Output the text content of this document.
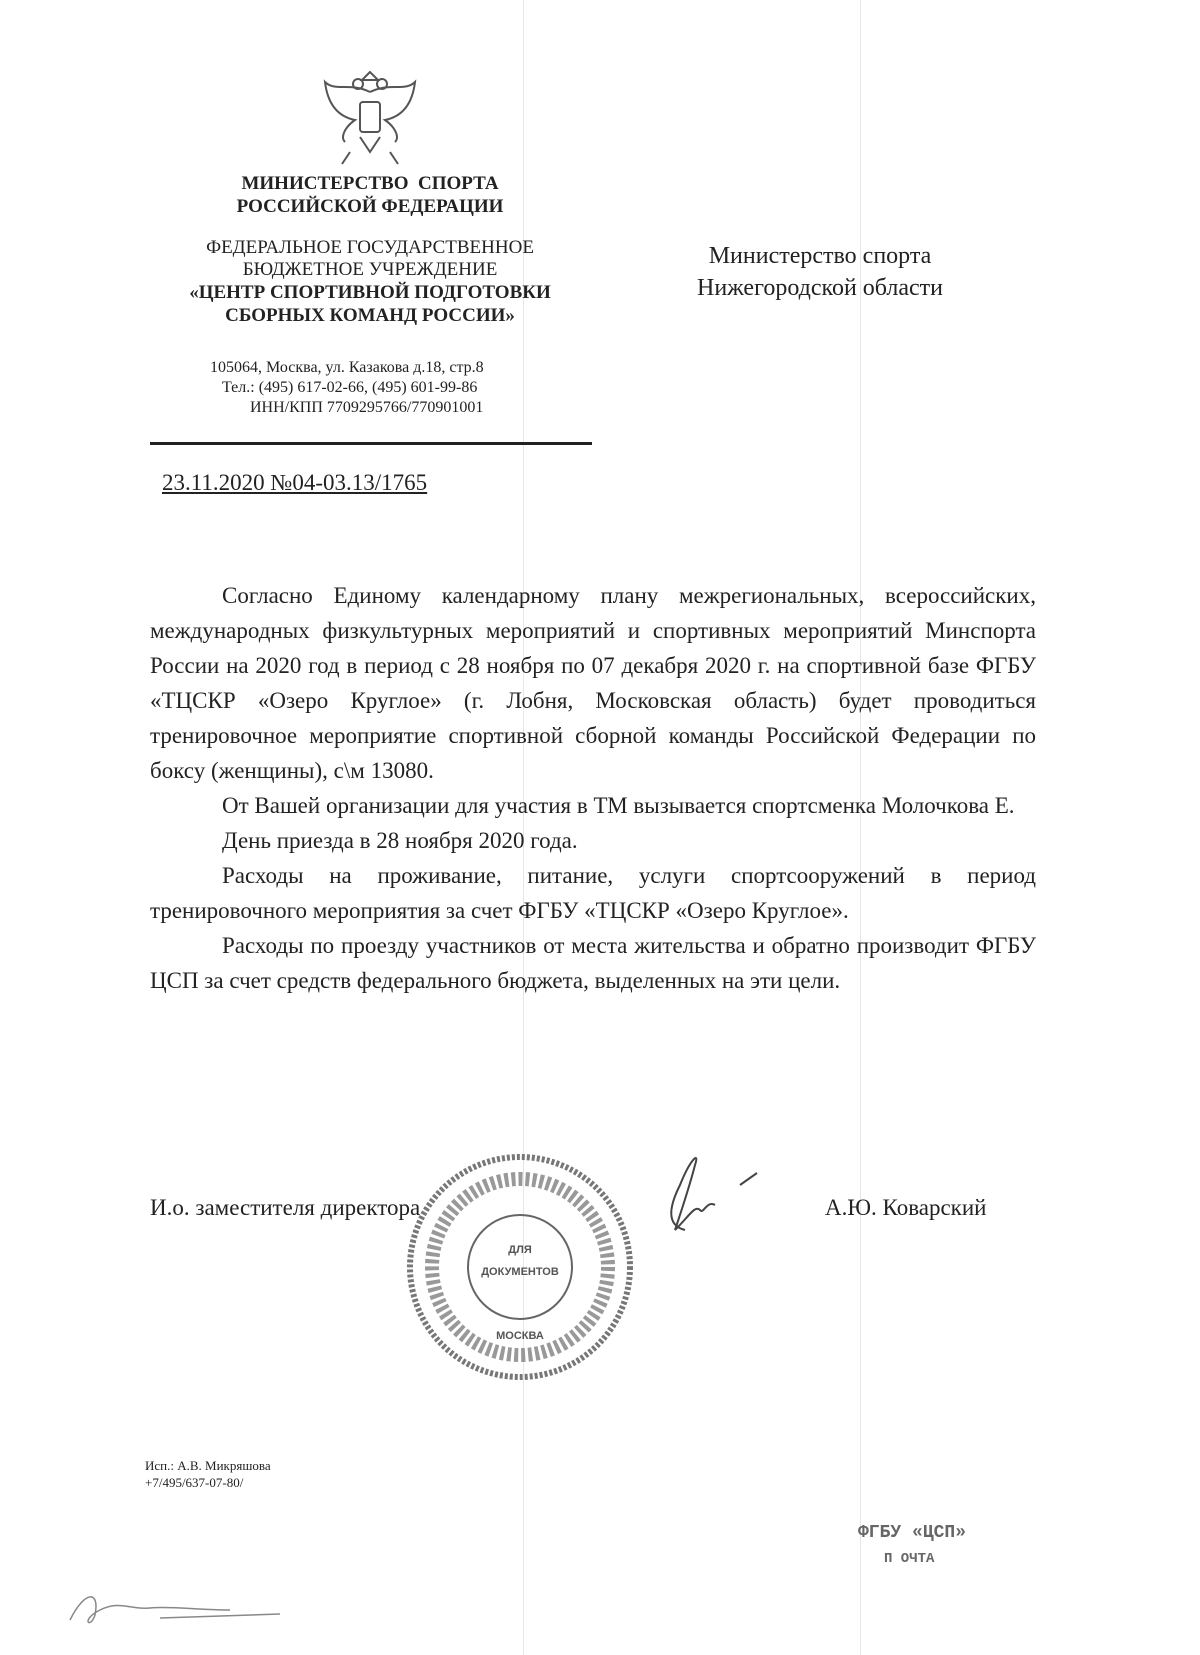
МИНИСТЕРСТВО  СПОРТА
РОССИЙСКОЙ ФЕДЕРАЦИИ
ФЕДЕРАЛЬНОЕ ГОСУДАРСТВЕННОЕ
БЮДЖЕТНОЕ УЧРЕЖДЕНИЕ
«ЦЕНТР СПОРТИВНОЙ ПОДГОТОВКИ
СБОРНЫХ КОМАНД РОССИИ»
105064, Москва, ул. Казакова д.18, стр.8
Тел.: (495) 617-02-66, (495) 601-99-86
ИНН/КПП 7709295766/770901001
23.11.2020 №04-03.13/1765
Министерство спорта
Нижегородской области

Согласно Единому календарному плану межрегиональных, всероссийских, международных физкультурных мероприятий и спортивных мероприятий Минспорта России на 2020 год в период с 28 ноября по 07 декабря 2020 г. на спортивной базе ФГБУ «ТЦСКР «Озеро Круглое» (г. Лобня, Московская область) будет проводиться тренировочное мероприятие спортивной сборной команды Российской Федерации по боксу (женщины), с\м 13080.

От Вашей организации для участия в ТМ вызывается спортсменка Молочкова Е.

День приезда в 28 ноября 2020 года.

Расходы на проживание, питание, услуги спортсооружений в период тренировочного мероприятия за счет ФГБУ «ТЦСКР «Озеро Круглое».

Расходы по проезду участников от места жительства и обратно производит ФГБУ ЦСП за счет средств федерального бюджета, выделенных на эти цели.

ДЛЯ
ДОКУМЕНТОВ
МОСКВА
И.о. заместителя директора	А.Ю. Коварский
Исп.: А.В. Микряшова
+7/495/637-07-80/
ФГБУ «ЦСП»
П ОЧТА
